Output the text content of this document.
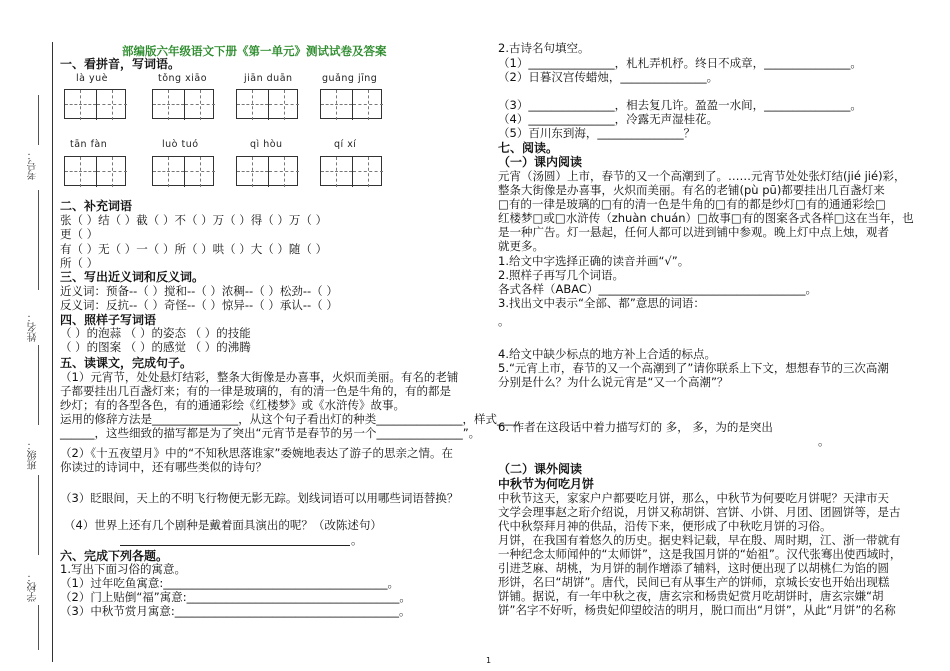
考号：
姓名：
班级：
学校：
部编版六年级语文下册《第一单元》测试试卷及答案
一、看拼音，写词语。
là yuè	tǒng xiāo	jiān duān	guǎng jīng
tān fàn	luò tuó	qì hòu	qí xí
二、补充词语
张（ ）结（ ）截（ ）不（ ）万（ ）得（ ）万（ ）
更（ ）
有（ ）无（ ）一（ ）所（ ）哄（ ）大（ ）随（ ）
所（ ）
三、写出近义词和反义词。
近义词：预备--（ ）搅和--（ ）浓稠--（ ）松劲--（ ）
反义词：反抗--（ ）奇怪--（ ）惊异--（ ）承认--（ ）
四、照样子写词语
（ ）的泡蒜 （ ）的姿态 （ ）的技能
（ ）的图案 （ ）的感觉 （ ）的沸腾
五、读课文，完成句子。
（1）元宵节，处处悬灯结彩，整条大街像是办喜事，火炽而美丽。有名的老铺
子都要挂出几百盏灯来；有的一律是玻璃的，有的清一色是牛角的，有的都是
纱灯；有的各型各色，有的通通彩绘《红楼梦》或《水浒传》故事。
运用的修辞方法是_______________，从这个句子看出灯的种类_______________，样式____
______，这些细致的描写都是为了突出“元宵节是春节的另一个_______________”。
（2）《十五夜望月》中的“不知秋思落谁家”委婉地表达了游子的思亲之情。在
你读过的诗词中，还有哪些类似的诗句？
（3）眨眼间，天上的不明飞行物便无影无踪。划线词语可以用哪些词语替换？
（4）世界上还有几个剧种是戴着面具演出的呢？（改陈述句）
。
六、完成下列各题。
1.写出下面习俗的寓意。
（1）过年吃鱼寓意:_______________________________________。
（2）门上贴倒“福”寓意:_____________________________________。
（3）中秋节赏月寓意:_______________________________________。
2.古诗名句填空。
（1）_______________，札札弄机杼。终日不成章，_______________。
（2）日暮汉宫传蜡烛，_______________。
（3）_______________，相去复几许。盈盈一水间，_______________。
（4）_______________，冷露无声湿桂花。
（5）百川东到海，_______________？
七、阅读。
（一）课内阅读
元宵（汤圆）上市，春节的又一个高潮到了。……元宵节处处张灯结(jié jié)彩，
整条大街像是办喜事，火炽而美丽。有名的老铺(pù pū)都要挂出几百盏灯来
□有的一律是玻璃的□有的清一色是牛角的□有的都是纱灯□有的通通彩绘□
红楼梦□或□水浒传（zhuàn chuán）□故事□有的图案各式各样□这在当年，也
是一种广告。灯一悬起，任何人都可以进到铺中参观。晚上灯中点上烛，观者
就更多。
1.给文中字选择正确的读音并画“√”。
2.照样子再写几个词语。
各式各样（ABAC）____________________________________。
3.找出文中表示“全部、都”意思的词语：
。
4.给文中缺少标点的地方补上合适的标点。
5.“元宵上市，春节的又一个高潮到了”请你联系上下文，想想春节的三次高潮
分别是什么？为什么说元宵是“又一个高潮”？
6. 作者在这段话中着力描写灯的 多， 多，为的是突出
。
（二）课外阅读
中秋节为何吃月饼
中秋节这天，家家户户都要吃月饼，那么，中秋节为何要吃月饼呢？天津市天
文学会理事赵之珩介绍说，月饼又称胡饼、宫饼、小饼、月团、团圆饼等，是古
代中秋祭拜月神的供品，沿传下来，便形成了中秋吃月饼的习俗。
月饼，在我国有着悠久的历史。据史料记载，早在殷、周时期，江、浙一带就有
一种纪念太师闻仲的“太师饼”，这是我国月饼的“始祖”。汉代张骞出使西域时，
引进芝麻、胡桃，为月饼的制作增添了辅料，这时便出现了以胡桃仁为馅的圆
形饼，名曰“胡饼”。唐代，民间已有从事生产的饼师，京城长安也开始出现糕
饼铺。据说，有一年中秋之夜，唐玄宗和杨贵妃赏月吃胡饼时，唐玄宗嫌“胡
饼”名字不好听，杨贵妃仰望皎洁的明月，脱口而出“月饼”，从此“月饼”的名称
1
